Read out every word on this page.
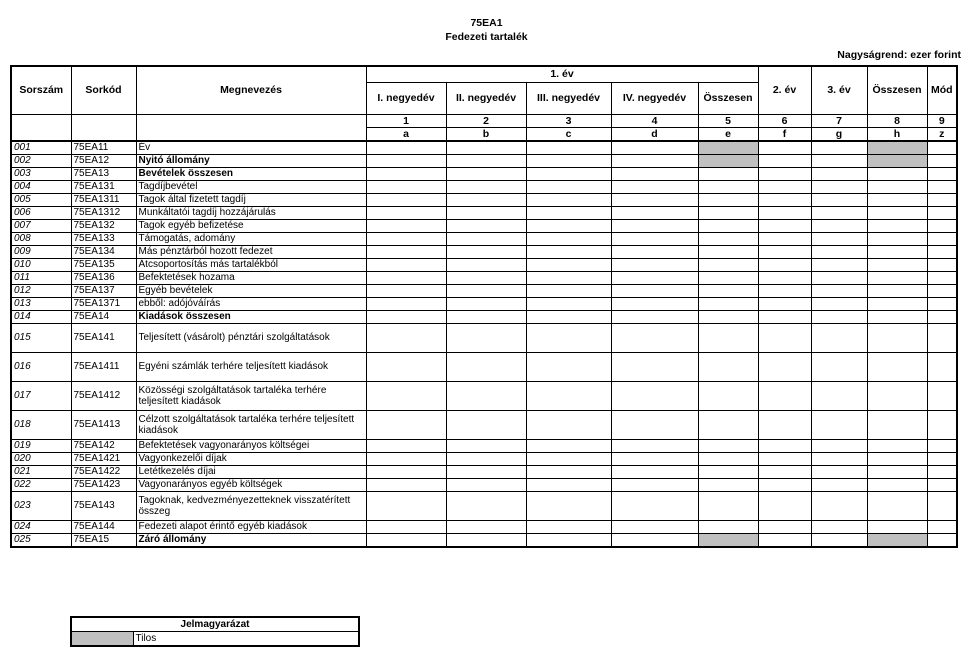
75EA1
Fedezeti tartalék
Nagyságrend: ezer forint
Sorszám	Sorkód	Megnevezés	1. év					2. év	3. év	Összesen	Mód
			I. negyedév	II. negyedév	III. negyedév	IV. negyedév	Összesen				
			1	2	3	4	5	6	7	8	9
			a	b	c	d	e	f	g	h	z
001	75EA11	Év									
002	75EA12	Nyitó állomány									
003	75EA13	Bevételek összesen									
004	75EA131	Tagdíjbevétel									
005	75EA1311	Tagok által fizetett tagdíj									
006	75EA1312	Munkáltatói tagdíj hozzájárulás									
007	75EA132	Tagok egyéb befizetése									
008	75EA133	Támogatás, adomány									
009	75EA134	Más pénztárból hozott fedezet									
010	75EA135	Átcsoportosítás más tartalékból									
011	75EA136	Befektetések hozama									
012	75EA137	Egyéb bevételek									
013	75EA1371	ebből: adójóváírás									
014	75EA14	Kiadások összesen									
015	75EA141	Teljesített (vásárolt) pénztári szolgáltatások									
016	75EA1411	Egyéni számlák terhére teljesített kiadások									
017	75EA1412	Közösségi szolgáltatások tartaléka terhére teljesített kiadások									
018	75EA1413	Célzott szolgáltatások tartaléka terhére teljesített kiadások									
019	75EA142	Befektetések vagyonarányos költségei									
020	75EA1421	Vagyonkezelői díjak									
021	75EA1422	Letétkezelés díjai									
022	75EA1423	Vagyonarányos egyéb költségek									
023	75EA143	Tagoknak, kedvezményezetteknek visszatérített összeg									
024	75EA144	Fedezeti alapot érintő egyéb kiadások									
025	75EA15	Záró állomány									
Jelmagyarázat
	Tilos
